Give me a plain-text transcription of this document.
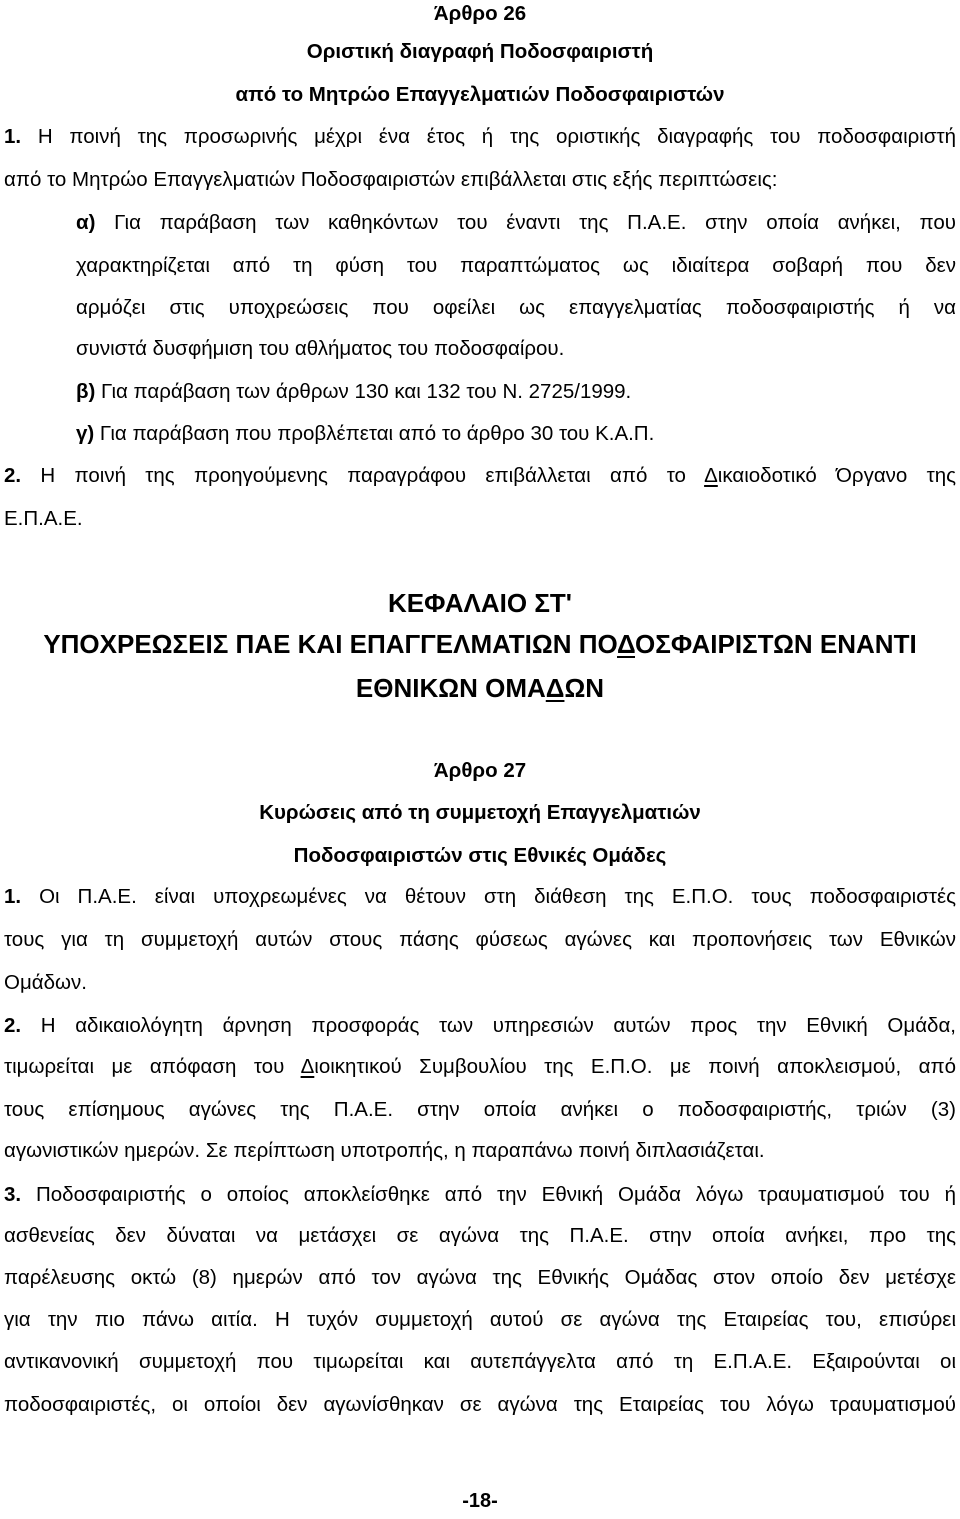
Άρθρο 26
Οριστική διαγραφή Ποδοσφαιριστή
από το Μητρώο Επαγγελματιών Ποδοσφαιριστών
1. Η ποινή της προσωρινής μέχρι ένα έτος ή της οριστικής διαγραφής του ποδοσφαιριστή
από το Μητρώο Επαγγελματιών Ποδοσφαιριστών επιβάλλεται στις εξής περιπτώσεις:
α) Για παράβαση των καθηκόντων του έναντι της Π.Α.Ε. στην οποία ανήκει, που
χαρακτηρίζεται από τη φύση του παραπτώματος ως ιδιαίτερα σοβαρή που δεν
αρμόζει στις υποχρεώσεις που οφείλει ως επαγγελματίας ποδοσφαιριστής ή να
συνιστά δυσφήμιση του αθλήματος του ποδοσφαίρου.
β) Για παράβαση των άρθρων 130 και 132 του Ν. 2725/1999.
γ) Για παράβαση που προβλέπεται από το άρθρο 30 του Κ.Α.Π.
2. Η ποινή της προηγούμενης παραγράφου επιβάλλεται από το Δικαιοδοτικό Όργανο της
Ε.Π.Α.Ε.
ΚΕΦΑΛΑΙΟ ΣΤ'
ΥΠΟΧΡΕΩΣΕΙΣ ΠΑΕ ΚΑΙ ΕΠΑΓΓΕΛΜΑΤΙΩΝ ΠΟΔΟΣΦΑΙΡΙΣΤΩΝ ΕΝΑΝΤΙ
ΕΘΝΙΚΩΝ ΟΜΑΔΩΝ
Άρθρο 27
Κυρώσεις από τη συμμετοχή Επαγγελματιών
Ποδοσφαιριστών στις Εθνικές Ομάδες
1. Οι Π.Α.Ε. είναι υποχρεωμένες να θέτουν στη διάθεση της Ε.Π.Ο. τους ποδοσφαιριστές
τους για τη συμμετοχή αυτών στους πάσης φύσεως αγώνες και προπονήσεις των Εθνικών
Ομάδων.
2. Η αδικαιολόγητη άρνηση προσφοράς των υπηρεσιών αυτών προς την Εθνική Ομάδα,
τιμωρείται με απόφαση του Διοικητικού Συμβουλίου της Ε.Π.Ο. με ποινή αποκλεισμού, από
τους επίσημους αγώνες της Π.Α.Ε. στην οποία ανήκει ο ποδοσφαιριστής, τριών (3)
αγωνιστικών ημερών. Σε περίπτωση υποτροπής, η παραπάνω ποινή διπλασιάζεται.
3. Ποδοσφαιριστής ο οποίος αποκλείσθηκε από την Εθνική Ομάδα λόγω τραυματισμού του ή
ασθενείας δεν δύναται να μετάσχει σε αγώνα της Π.Α.Ε. στην οποία ανήκει, προ της
παρέλευσης οκτώ (8) ημερών από τον αγώνα της Εθνικής Ομάδας στον οποίο δεν μετέσχε
για την πιο πάνω αιτία. Η τυχόν συμμετοχή αυτού σε αγώνα της Εταιρείας του, επισύρει
αντικανονική συμμετοχή που τιμωρείται και αυτεπάγγελτα από τη Ε.Π.Α.Ε. Εξαιρούνται οι
ποδοσφαιριστές, οι οποίοι δεν αγωνίσθηκαν σε αγώνα της Εταιρείας του λόγω τραυματισμού
-18-
